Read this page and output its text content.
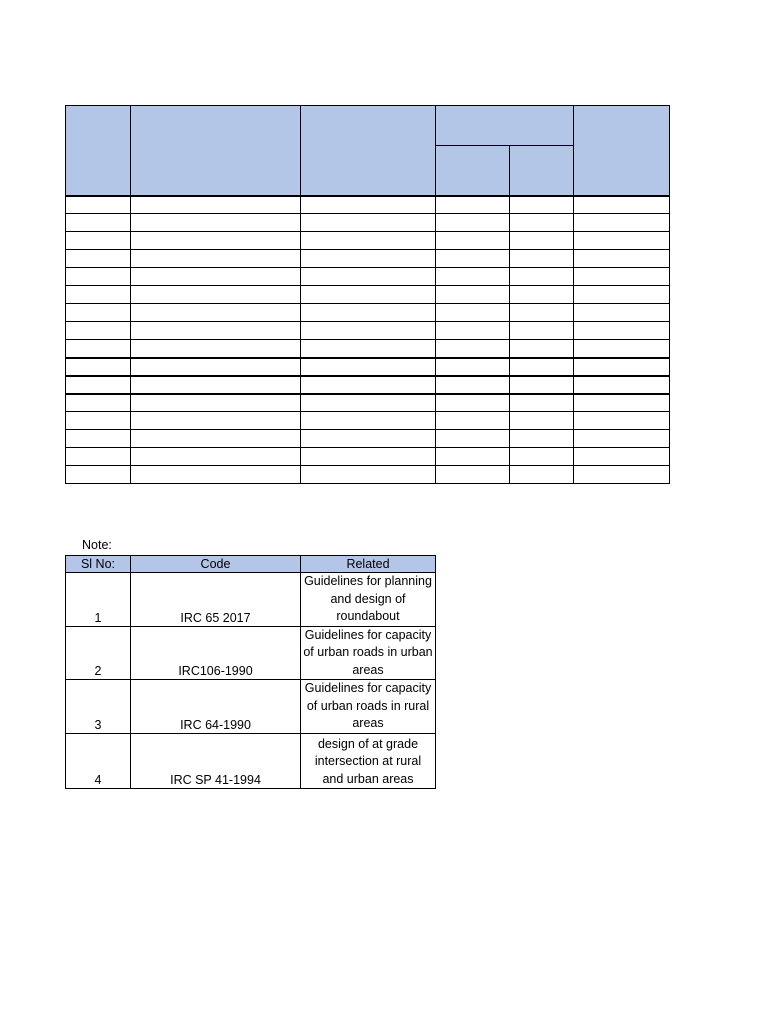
Note:
Sl No:	Code	Related
1	IRC 65 2017	Guidelines for planning and design of roundabout
2	IRC106-1990	Guidelines for capacity of urban roads in urban areas
3	IRC 64-1990	Guidelines for capacity of urban roads in rural areas
4	IRC SP 41-1994	design of at grade intersection at rural and urban areas
